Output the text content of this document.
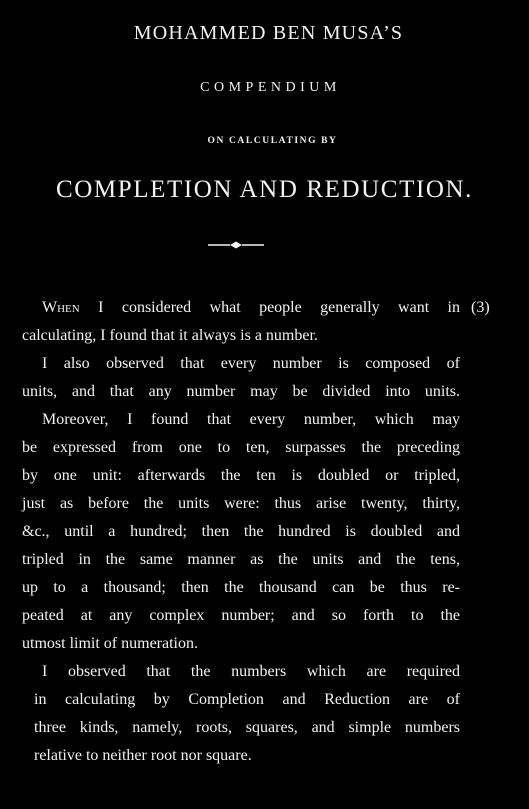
MOHAMMED BEN MUSA’S
COMPENDIUM
ON CALCULATING BY
COMPLETION AND REDUCTION.
(3)
When I considered what people generally want in
calculating, I found that it always is a number.
I also observed that every number is composed of
units, and that any number may be divided into units.
Moreover, I found that every number, which may
be expressed from one to ten, surpasses the preceding
by one unit: afterwards the ten is doubled or tripled,
just as before the units were: thus arise twenty, thirty,
&c., until a hundred; then the hundred is doubled and
tripled in the same manner as the units and the tens,
up to a thousand; then the thousand can be thus re-
peated at any complex number; and so forth to the
utmost limit of numeration.
I observed that the numbers which are required
in calculating by Completion and Reduction are of
three kinds, namely, roots, squares, and simple numbers
relative to neither root nor square.
